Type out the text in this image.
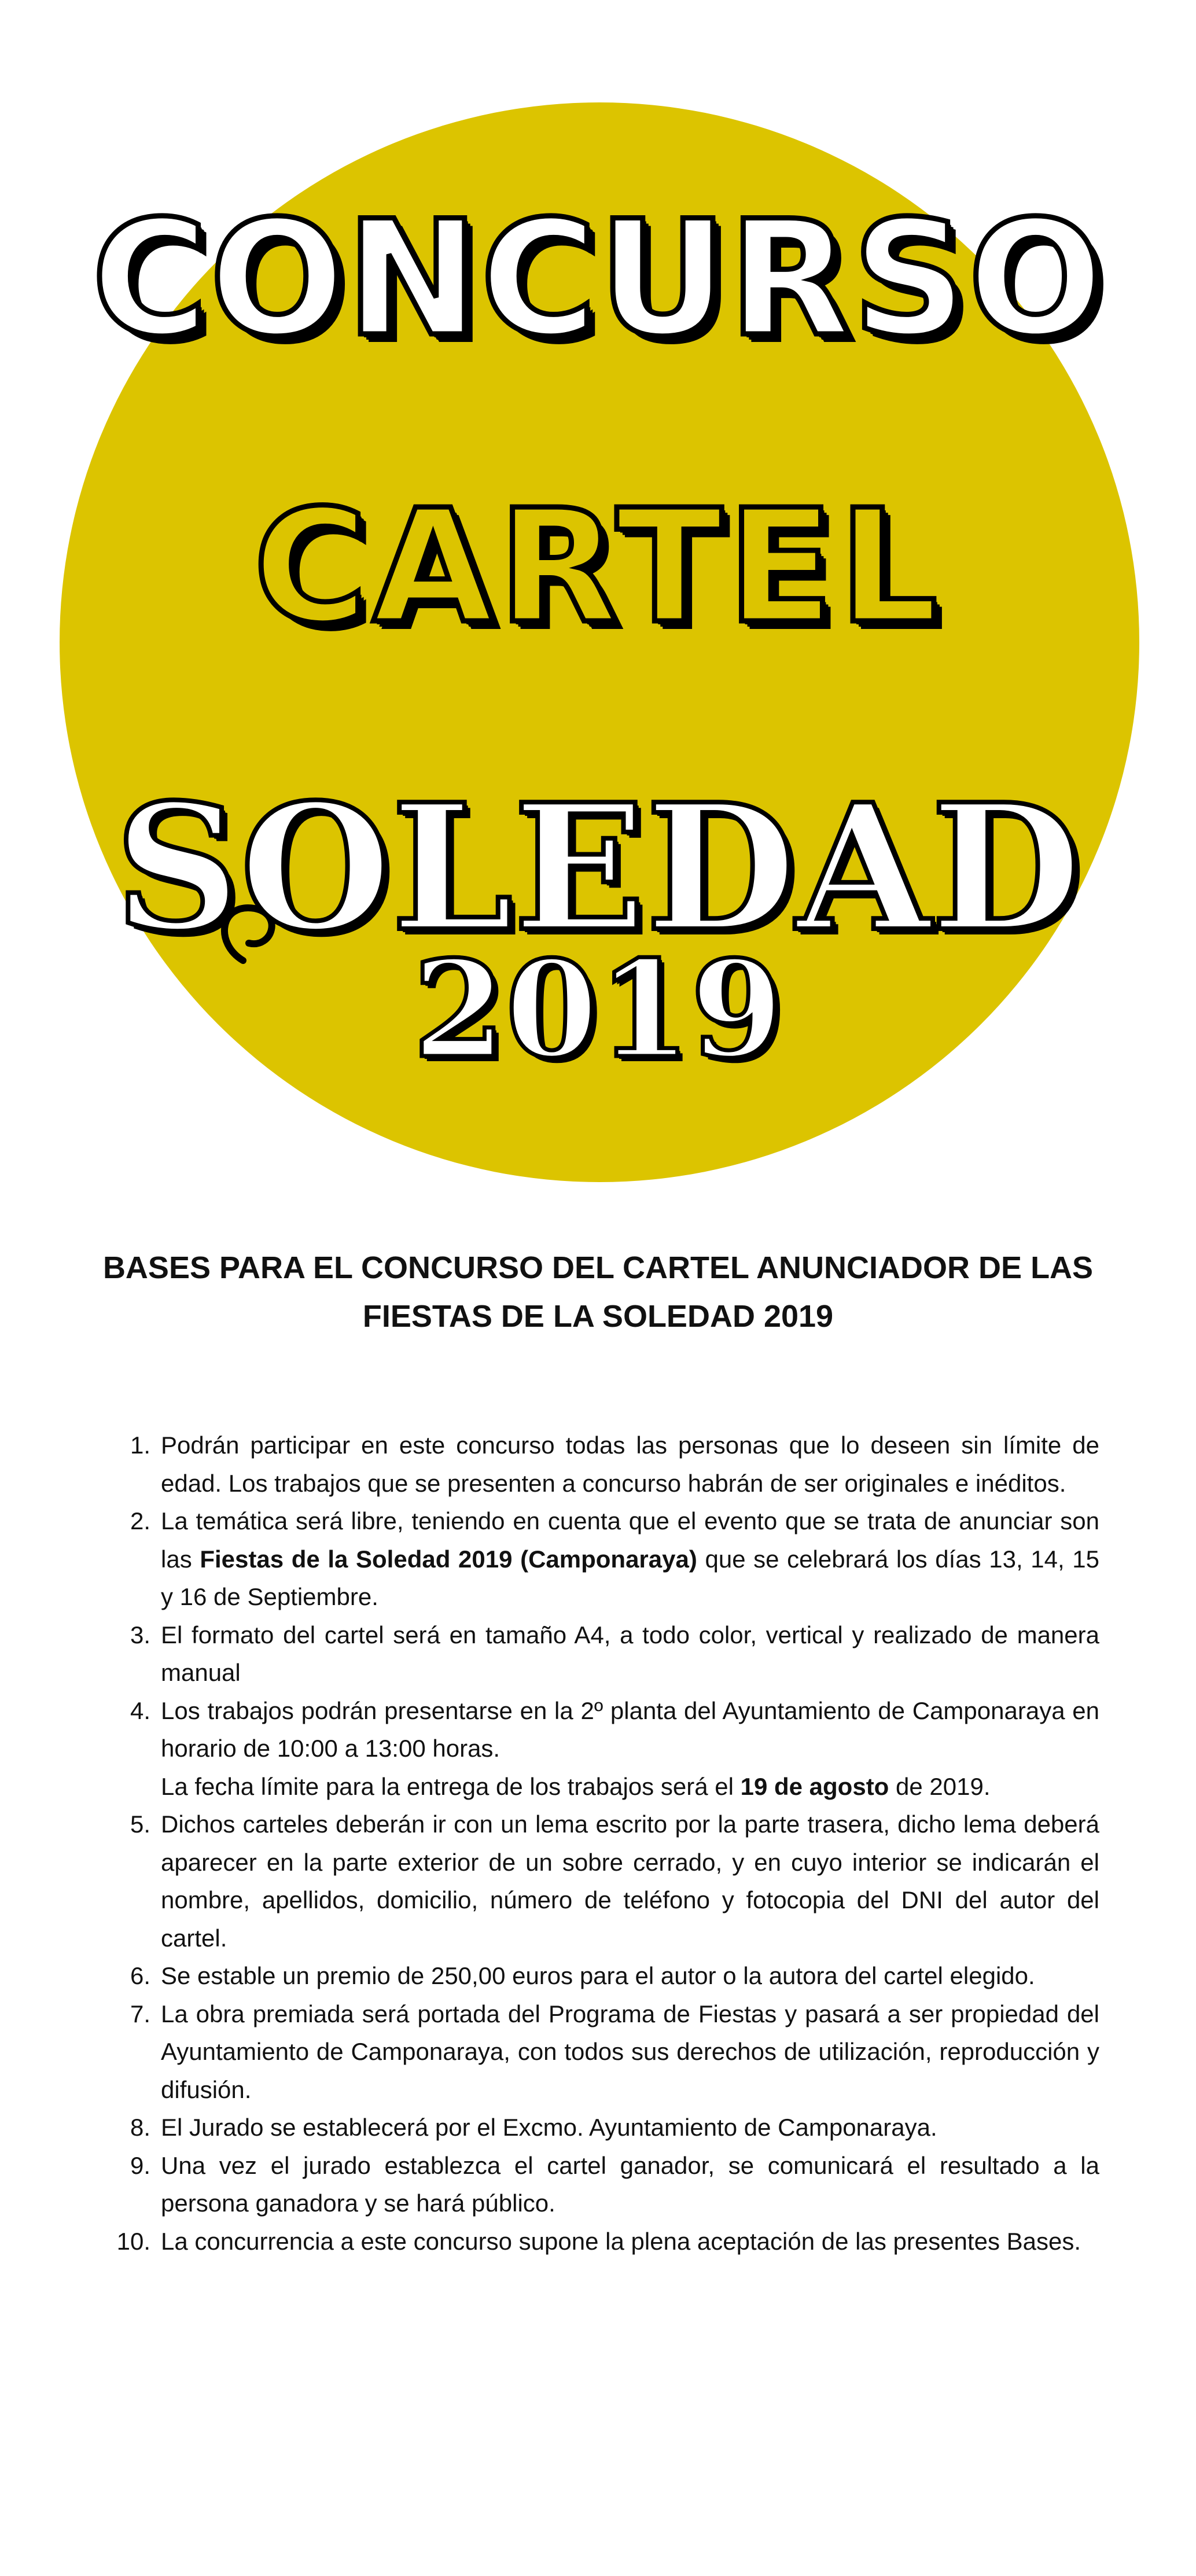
CONCURSO
CARTEL
SOLEDAD
2019
BASES PARA EL CONCURSO DEL CARTEL ANUNCIADOR DE LAS
FIESTAS DE LA SOLEDAD 2019
1. Podrán participar en este concurso todas las personas que lo deseen sin límite de edad. Los trabajos que se presenten a concurso habrán de ser originales e inéditos.
2. La temática será libre, teniendo en cuenta que el evento que se trata de anunciar son las Fiestas de la Soledad 2019 (Camponaraya) que se celebrará los días 13, 14, 15 y 16 de Septiembre.
3. El formato del cartel será en tamaño A4, a todo color, vertical y realizado de manera manual
4. Los trabajos podrán presentarse en la 2º planta del Ayuntamiento de Camponaraya en horario de 10:00 a 13:00 horas.
La fecha límite para la entrega de los trabajos será el 19 de agosto de 2019.
5. Dichos carteles deberán ir con un lema escrito por la parte trasera, dicho lema deberá aparecer en la parte exterior de un sobre cerrado, y en cuyo interior se indicarán el nombre, apellidos, domicilio, número de teléfono y fotocopia del DNI del autor del cartel.
6. Se estable un premio de 250,00 euros para el autor o la autora del cartel elegido.
7. La obra premiada será portada del Programa de Fiestas y pasará a ser propiedad del Ayuntamiento de Camponaraya, con todos sus derechos de utilización, reproducción y difusión.
8. El Jurado se establecerá por el Excmo. Ayuntamiento de Camponaraya.
9. Una vez el jurado establezca el cartel ganador, se comunicará el resultado a la persona ganadora y se hará público.
10. La concurrencia a este concurso supone la plena aceptación de las presentes Bases.
